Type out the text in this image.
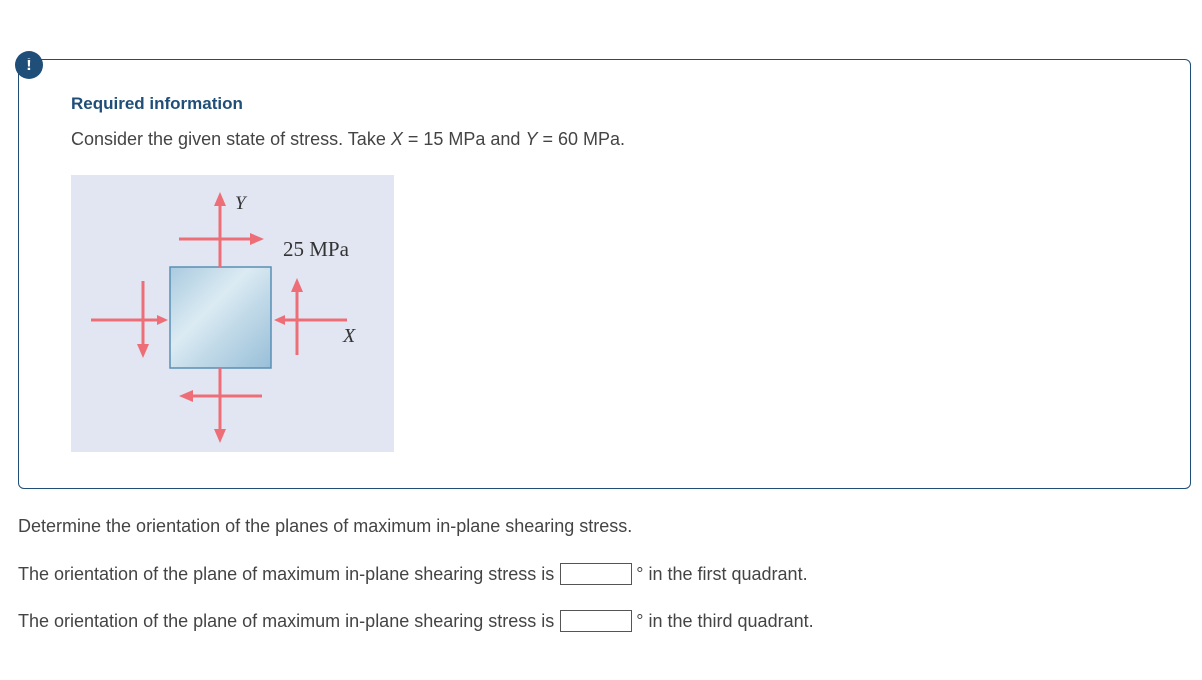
!
Required information
Consider the given state of stress. Take X = 15 MPa and Y = 60 MPa.
Y
25 MPa
X
Determine the orientation of the planes of maximum in-plane shearing stress.
The orientation of the plane of maximum in-plane shearing stress is	° in the first quadrant.
The orientation of the plane of maximum in-plane shearing stress is	° in the third quadrant.
